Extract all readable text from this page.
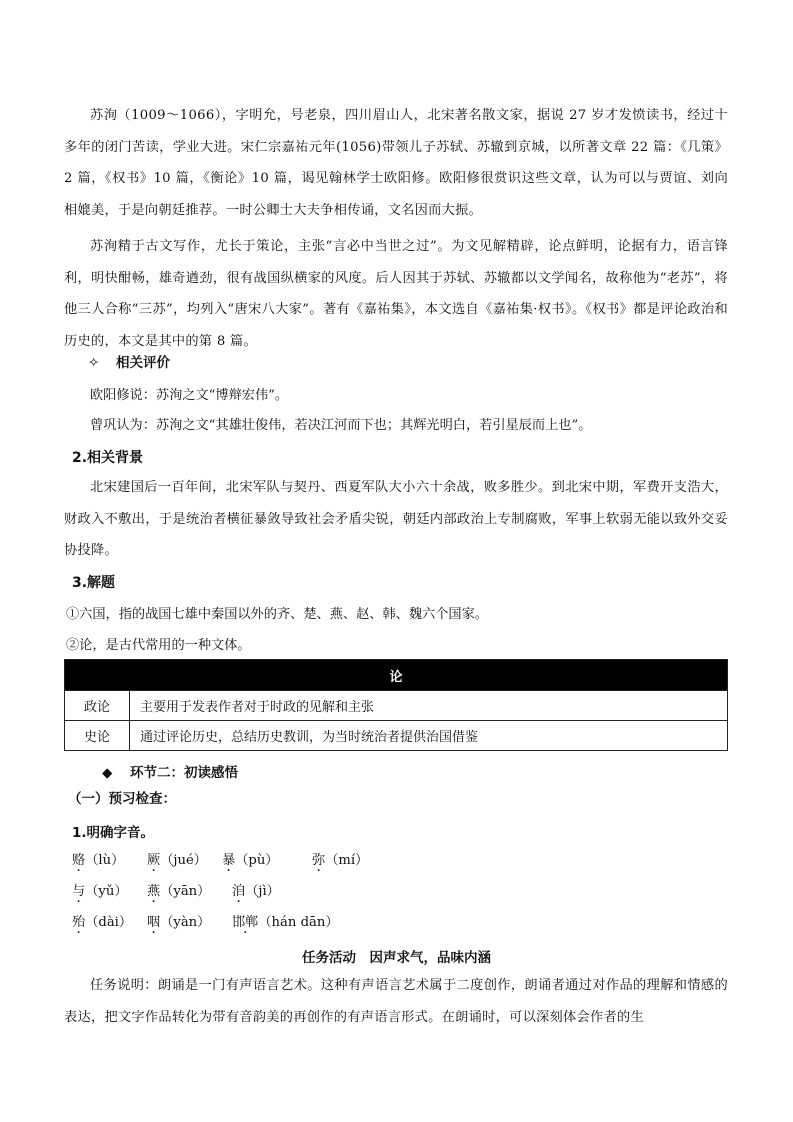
苏洵（1009～1066），字明允，号老泉，四川眉山人，北宋著名散文家，据说 27 岁才发愤读书，经过十多年的闭门苦读，学业大进。宋仁宗嘉祐元年(1056)带领儿子苏轼、苏辙到京城，以所著文章 22 篇：《几策》2 篇，《权书》10 篇，《衡论》10 篇，谒见翰林学士欧阳修。欧阳修很赏识这些文章，认为可以与贾谊、刘向相媲美，于是向朝廷推荐。一时公卿士大夫争相传诵，文名因而大振。
苏洵精于古文写作，尤长于策论，主张“言必中当世之过”。为文见解精辟，论点鲜明，论据有力，语言锋利，明快酣畅，雄奇遒劲，很有战国纵横家的风度。后人因其于苏轼、苏辙都以文学闻名，故称他为“老苏”，将他三人合称“三苏”，均列入“唐宋八大家”。著有《嘉祐集》，本文选自《嘉祐集·权书》。《权书》都是评论政治和历史的，本文是其中的第 8 篇。
✧ 相关评价
欧阳修说：苏洵之文“博辩宏伟”。
曾巩认为：苏洵之文“其雄壮俊伟，若决江河而下也；其辉光明白，若引星辰而上也”。
2.相关背景
北宋建国后一百年间，北宋军队与契丹、西夏军队大小六十余战，败多胜少。到北宋中期，军费开支浩大，财政入不敷出，于是统治者横征暴敛导致社会矛盾尖锐，朝廷内部政治上专制腐败，军事上软弱无能以致外交妥协投降。
3.解题
①六国，指的战国七雄中秦国以外的齐、楚、燕、赵、韩、魏六个国家。
②论，是古代常用的一种文体。
论	
政论	主要用于发表作者对于时政的见解和主张
史论	通过评论历史，总结历史教训，为当时统治者提供治国借鉴
◆ 环节二：初读感悟
（一）预习检查：
1.明确字音。
赂（lù） 厥（jué） 暴（pù）	弥（mí）
与（yǔ） 燕（yān） 洎（jì）
殆（dài） 咽（yàn） 邯郸（hán dān）
任务活动　因声求气，品味内涵
任务说明：朗诵是一门有声语言艺术。这种有声语言艺术属于二度创作，朗诵者通过对作品的理解和情感的表达，把文字作品转化为带有音韵美的再创作的有声语言形式。在朗诵时，可以深刻体会作者的生
